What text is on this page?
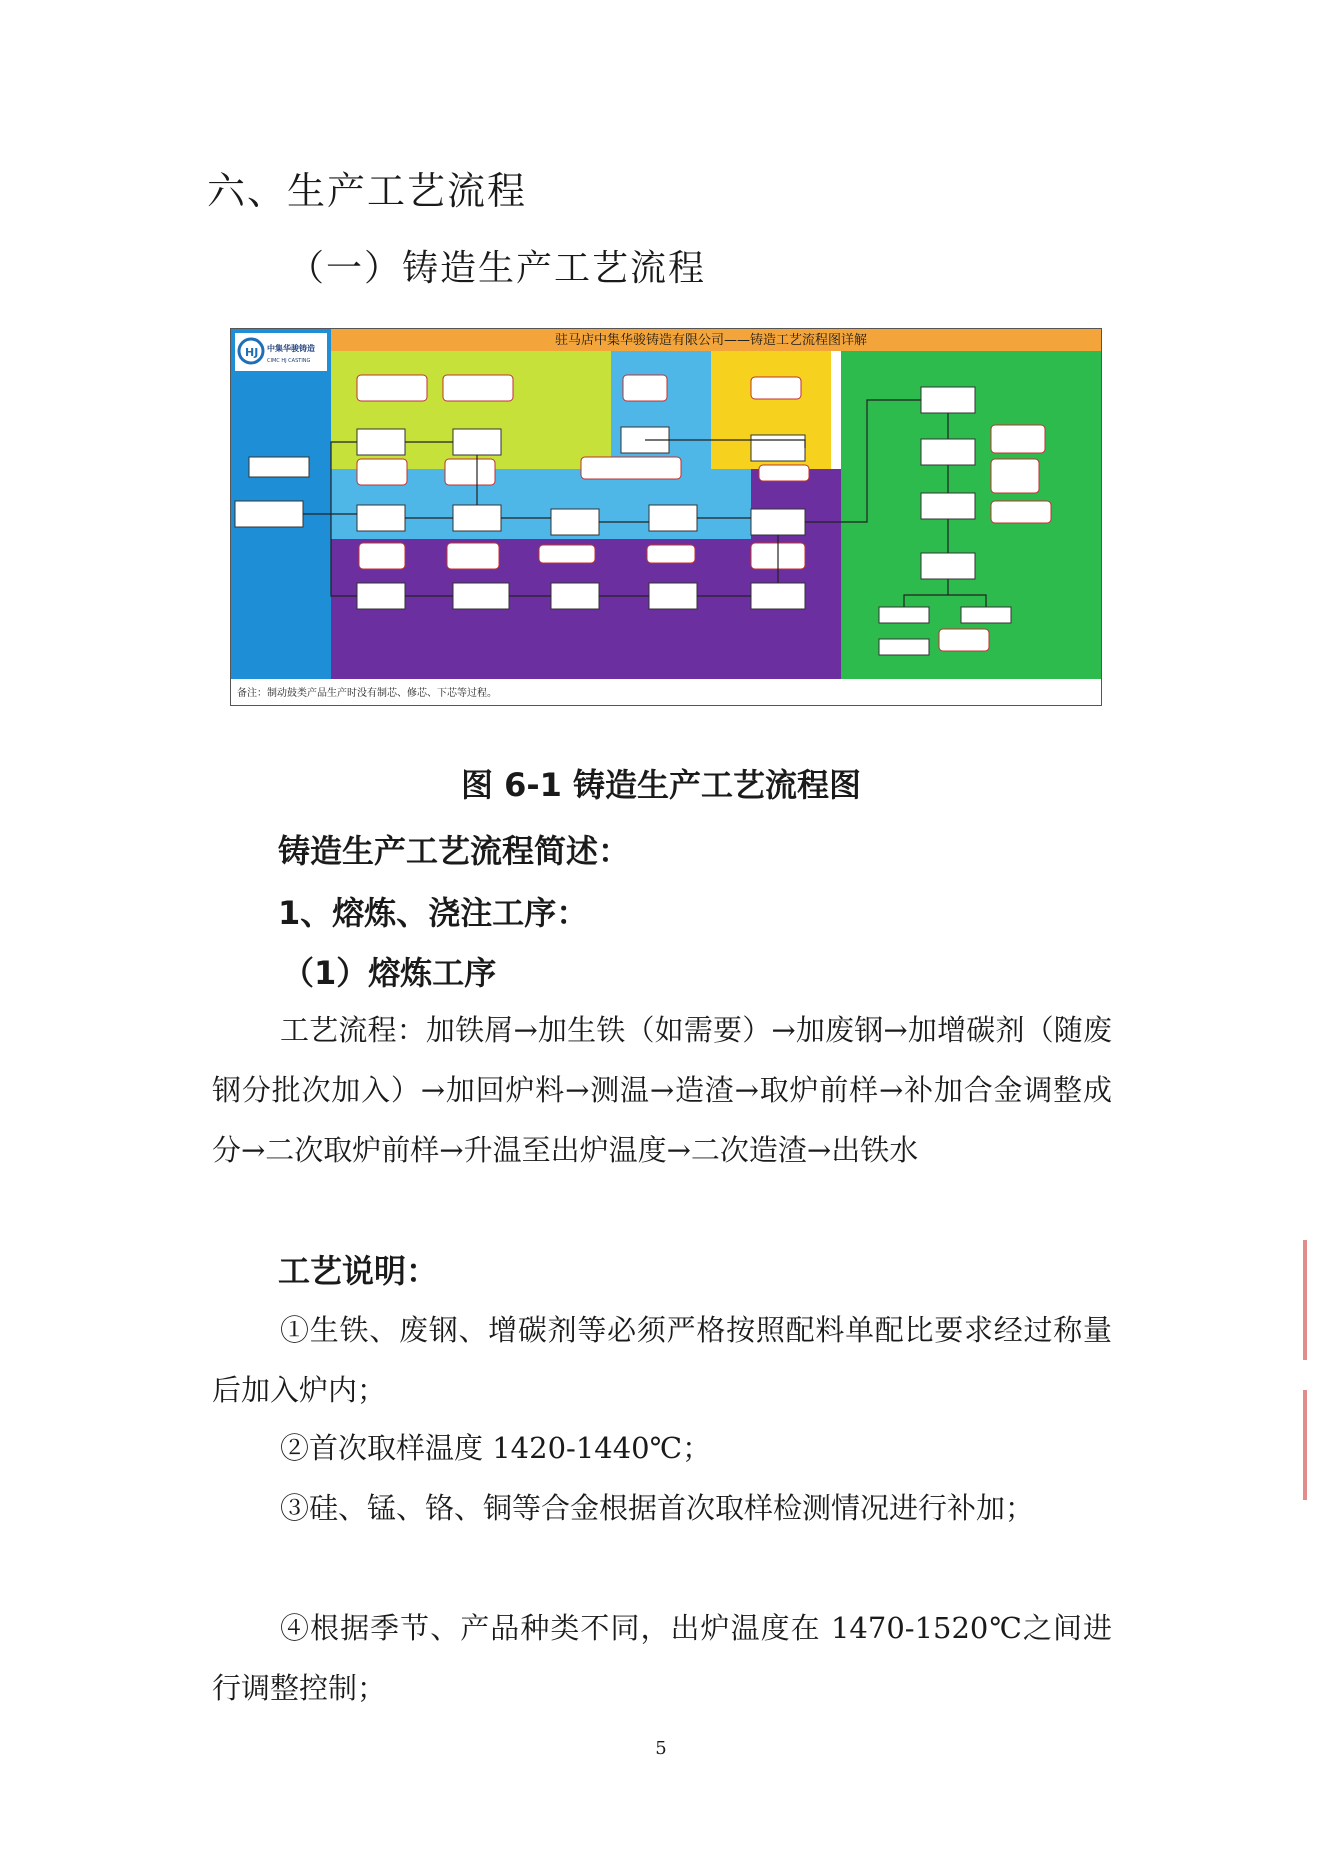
六、生产工艺流程
（一）铸造生产工艺流程
HJ 中集华骏铸造
CIMC HJ CASTING
驻马店中集华骏铸造有限公司——铸造工艺流程图详解
备注：制动鼓类产品生产时没有制芯、修芯、下芯等过程。
图 6-1 铸造生产工艺流程图
铸造生产工艺流程简述：
1、熔炼、浇注工序：
（1）熔炼工序
工艺流程：加铁屑→加生铁（如需要）→加废钢→加增碳剂（随废钢分批次加入）→加回炉料→测温→造渣→取炉前样→补加合金调整成分→二次取炉前样→升温至出炉温度→二次造渣→出铁水
工艺说明：
①生铁、废钢、增碳剂等必须严格按照配料单配比要求经过称量后加入炉内；
②首次取样温度 1420-1440℃；
③硅、锰、铬、铜等合金根据首次取样检测情况进行补加；
④根据季节、产品种类不同，出炉温度在 1470-1520℃之间进行调整控制；
5
